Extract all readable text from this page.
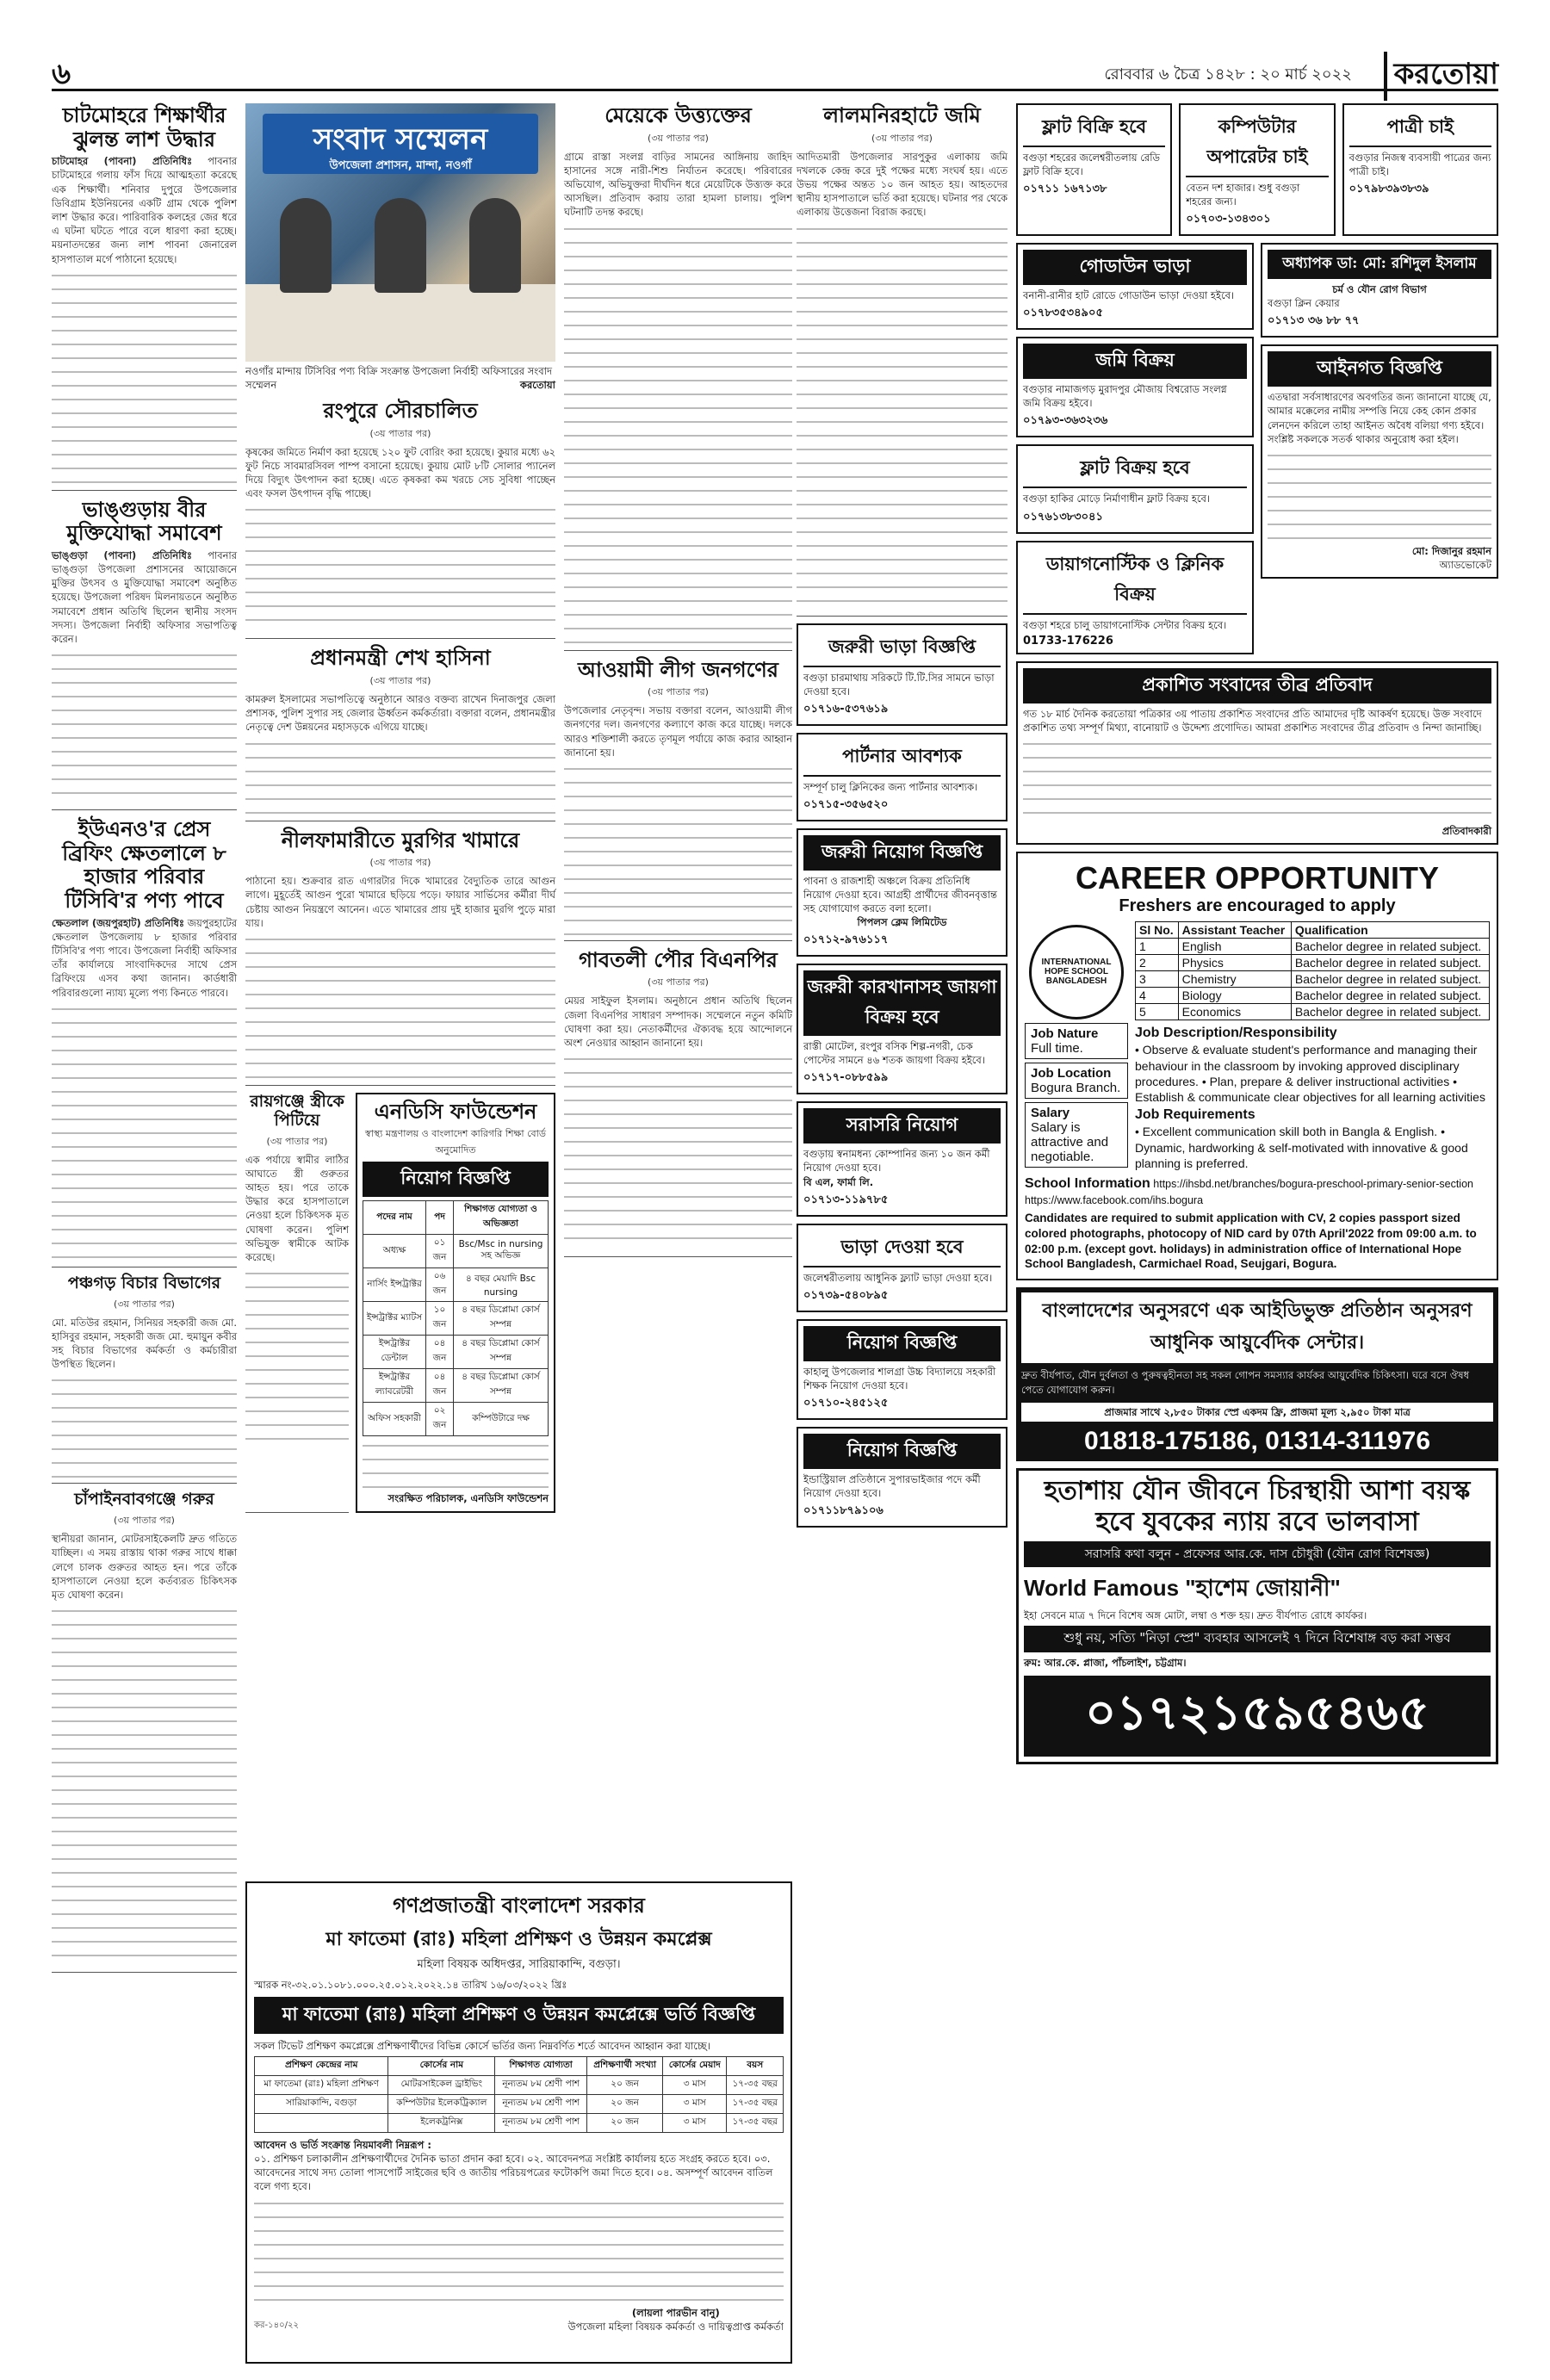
৬	রোববার ৬ চৈত্র ১৪২৮ : ২০ মার্চ ২০২২	করতোয়া
চাটমোহরে শিক্ষার্থীর ঝুলন্ত লাশ উদ্ধার
চাটমোহর (পাবনা) প্রতিনিধিঃ পাবনার চাটমোহরে গলায় ফাঁস দিয়ে আত্মহত্যা করেছে এক শিক্ষার্থী। শনিবার দুপুরে উপজেলার ডিবিগ্রাম ইউনিয়নের একটি গ্রাম থেকে পুলিশ লাশ উদ্ধার করে। পারিবারিক কলহের জের ধরে এ ঘটনা ঘটতে পারে বলে ধারণা করা হচ্ছে। ময়নাতদন্তের জন্য লাশ পাবনা জেনারেল হাসপাতাল মর্গে পাঠানো হয়েছে।
ভাঙ্গুড়ায় বীর মুক্তিযোদ্ধা সমাবেশ
ভাঙ্গুড়া (পাবনা) প্রতিনিধিঃ পাবনার ভাঙ্গুড়া উপজেলা প্রশাসনের আয়োজনে মুক্তির উৎসব ও মুক্তিযোদ্ধা সমাবেশ অনুষ্ঠিত হয়েছে। উপজেলা পরিষদ মিলনায়তনে অনুষ্ঠিত সমাবেশে প্রধান অতিথি ছিলেন স্থানীয় সংসদ সদস্য। উপজেলা নির্বাহী অফিসার সভাপতিত্ব করেন।
ইউএনও'র প্রেস ব্রিফিং ক্ষেতলালে ৮ হাজার পরিবার টিসিবি'র পণ্য পাবে
ক্ষেতলাল (জয়পুরহাট) প্রতিনিধিঃ জয়পুরহাটের ক্ষেতলাল উপজেলায় ৮ হাজার পরিবার টিসিবি'র পণ্য পাবে। উপজেলা নির্বাহী অফিসার তাঁর কার্যালয়ে সাংবাদিকদের সাথে প্রেস ব্রিফিংয়ে এসব কথা জানান। কার্ডধারী পরিবারগুলো ন্যায্য মূল্যে পণ্য কিনতে পারবে।
পঞ্চগড় বিচার বিভাগের
(৩য় পাতার পর)
মো. মতিউর রহমান, সিনিয়র সহকারী জজ মো. হাসিবুর রহমান, সহকারী জজ মো. হুমায়ুন কবীর সহ বিচার বিভাগের কর্মকর্তা ও কর্মচারীরা উপস্থিত ছিলেন।
চাঁপাইনবাবগঞ্জে গরুর
(৩য় পাতার পর)
স্থানীয়রা জানান, মোটরসাইকেলটি দ্রুত গতিতে যাচ্ছিল। এ সময় রাস্তায় থাকা গরুর সাথে ধাক্কা লেগে চালক গুরুতর আহত হন। পরে তাঁকে হাসপাতালে নেওয়া হলে কর্তব্যরত চিকিৎসক মৃত ঘোষণা করেন।
সংবাদ সম্মেলন
উপজেলা প্রশাসন, মান্দা, নওগাঁ
নওগাঁর মান্দায় টিসিবির পণ্য বিক্রি সংক্রান্ত উপজেলা নির্বাহী অফিসারের সংবাদ সম্মেলন	করতোয়া
রংপুরে সৌরচালিত
(৩য় পাতার পর)
কৃষকের জমিতে নির্মাণ করা হয়েছে ১২০ ফুট বোরিং করা হয়েছে। কুয়ার মধ্যে ৬২ ফুট নিচে সাবমারসিবল পাম্প বসানো হয়েছে। কুয়ায় মোট ৮টি সোলার প্যানেল দিয়ে বিদ্যুৎ উৎপাদন করা হচ্ছে। এতে কৃষকরা কম খরচে সেচ সুবিধা পাচ্ছেন এবং ফসল উৎপাদন বৃদ্ধি পাচ্ছে।
প্রধানমন্ত্রী শেখ হাসিনা
(৩য় পাতার পর)
কামরুল ইসলামের সভাপতিত্বে অনুষ্ঠানে আরও বক্তব্য রাখেন দিনাজপুর জেলা প্রশাসক, পুলিশ সুপার সহ জেলার ঊর্ধ্বতন কর্মকর্তারা। বক্তারা বলেন, প্রধানমন্ত্রীর নেতৃত্বে দেশ উন্নয়নের মহাসড়কে এগিয়ে যাচ্ছে।
নীলফামারীতে মুরগির খামারে
(৩য় পাতার পর)
পাঠানো হয়। শুক্রবার রাত এগারটার দিকে খামারের বৈদ্যুতিক তারে আগুন লাগে। মুহূর্তেই আগুন পুরো খামারে ছড়িয়ে পড়ে। ফায়ার সার্ভিসের কর্মীরা দীর্ঘ চেষ্টায় আগুন নিয়ন্ত্রণে আনেন। এতে খামারের প্রায় দুই হাজার মুরগি পুড়ে মারা যায়।
রায়গঞ্জে স্ত্রীকে পিটিয়ে
(৩য় পাতার পর)
এক পর্যায়ে স্বামীর লাঠির আঘাতে স্ত্রী গুরুতর আহত হয়। পরে তাকে উদ্ধার করে হাসপাতালে নেওয়া হলে চিকিৎসক মৃত ঘোষণা করেন। পুলিশ অভিযুক্ত স্বামীকে আটক করেছে।
এনডিসি ফাউন্ডেশন
স্বাস্থ্য মন্ত্রণালয় ও বাংলাদেশ কারিগরি শিক্ষা বোর্ড অনুমোদিত
নিয়োগ বিজ্ঞপ্তি
পদের নাম	পদ	শিক্ষাগত যোগ্যতা ও অভিজ্ঞতা
অধ্যক্ষ	০১ জন	Bsc/Msc in nursing সহ অভিজ্ঞ
নার্সিং ইন্সট্রাক্টর	০৬ জন	৪ বছর মেয়াদি Bsc nursing
ইন্সট্রাক্টর ম্যাটস	১০ জন	৪ বছর ডিপ্লোমা কোর্স সম্পন্ন
ইন্সট্রাক্টর ডেন্টাল	০৪ জন	৪ বছর ডিপ্লোমা কোর্স সম্পন্ন
ইন্সট্রাক্টর ল্যাবরেটরী	০৪ জন	৪ বছর ডিপ্লোমা কোর্স সম্পন্ন
অফিস সহকারী	০২ জন	কম্পিউটারে দক্ষ
সংরক্ষিত পরিচালক, এনডিসি ফাউন্ডেশন
মেয়েকে উত্ত্যক্তের
(৩য় পাতার পর)
গ্রামে রাস্তা সংলগ্ন বাড়ির সামনের আঙ্গিনায় জাহিদ হাসানের সঙ্গে নারী-শিশু নির্যাতন করেছে। পরিবারের অভিযোগ, অভিযুক্তরা দীর্ঘদিন ধরে মেয়েটিকে উত্ত্যক্ত করে আসছিল। প্রতিবাদ করায় তারা হামলা চালায়। পুলিশ ঘটনাটি তদন্ত করছে।
আওয়ামী লীগ জনগণের
(৩য় পাতার পর)
উপজেলার নেতৃবৃন্দ। সভায় বক্তারা বলেন, আওয়ামী লীগ জনগণের দল। জনগণের কল্যাণে কাজ করে যাচ্ছে। দলকে আরও শক্তিশালী করতে তৃণমূল পর্যায়ে কাজ করার আহ্বান জানানো হয়।
গাবতলী পৌর বিএনপির
(৩য় পাতার পর)
মেয়র সাইফুল ইসলাম। অনুষ্ঠানে প্রধান অতিথি ছিলেন জেলা বিএনপির সাধারণ সম্পাদক। সম্মেলনে নতুন কমিটি ঘোষণা করা হয়। নেতাকর্মীদের ঐক্যবদ্ধ হয়ে আন্দোলনে অংশ নেওয়ার আহ্বান জানানো হয়।
লালমনিরহাটে জমি
(৩য় পাতার পর)
আদিতমারী উপজেলার সারপুকুর এলাকায় জমি দখলকে কেন্দ্র করে দুই পক্ষের মধ্যে সংঘর্ষ হয়। এতে উভয় পক্ষের অন্তত ১০ জন আহত হয়। আহতদের স্থানীয় হাসপাতালে ভর্তি করা হয়েছে। ঘটনার পর থেকে এলাকায় উত্তেজনা বিরাজ করছে।
জরুরী ভাড়া বিজ্ঞপ্তি
বগুড়া চারমাথায় সরিকটে টি.টি.সির সামনে ভাড়া দেওয়া হবে।
০১৭১৬-৫৩৭৬১৯
পার্টনার আবশ্যক
সম্পূর্ণ চালু ক্লিনিকের জন্য পার্টনার আবশ্যক।
০১৭১৫-৩৫৬৫২০
জরুরী নিয়োগ বিজ্ঞপ্তি
পাবনা ও রাজশাহী অঞ্চলে বিক্রয় প্রতিনিধি নিয়োগ দেওয়া হবে। আগ্রহী প্রার্থীদের জীবনবৃত্তান্ত সহ যোগাযোগ করতে বলা হলো।
পিপলস ক্লেম লিমিটেড
০১৭১২-৯৭৬১১৭
জরুরী কারখানাসহ জায়গা বিক্রয় হবে
রাস্তী মোটেল, রংপুর বসিক শিল্প-নগরী, চেক পোস্টের সামনে ৪৬ শতক জায়গা বিক্রয় হইবে।
০১৭১৭-০৮৮৫৯৯
সরাসরি নিয়োগ
বগুড়ায় স্বনামধন্য কোম্পানির জন্য ১০ জন কর্মী নিয়োগ দেওয়া হবে।
বি এল, ফার্মা লি.
০১৭১৩-১১৯৭৮৫
ভাড়া দেওয়া হবে
জলেশ্বরীতলায় আধুনিক ফ্ল্যাট ভাড়া দেওয়া হবে।
০১৭৩৯-৫৪০৮৯৫
নিয়োগ বিজ্ঞপ্তি
কাহালু উপজেলার শালগ্রা উচ্চ বিদ্যালয়ে সহকারী শিক্ষক নিয়োগ দেওয়া হবে।
০১৭১০-২৪৫১২৫
নিয়োগ বিজ্ঞপ্তি
ইন্ডাস্ট্রিয়াল প্রতিষ্ঠানে সুপারভাইজার পদে কর্মী নিয়োগ দেওয়া হবে।
০১৭১১৮৭৯১০৬
ফ্লাট বিক্রি হবে
বগুড়া শহরের জলেশ্বরীতলায় রেডি ফ্লাট বিক্রি হবে।
০১৭১১ ১৬৭১৩৮
কম্পিউটার অপারেটর চাই
বেতন দশ হাজার। শুধু বগুড়া শহরের জন্য।
০১৭০৩-১৩৪৩০১
পাত্রী চাই
বগুড়ার নিজস্ব ব্যবসায়ী পাত্রের জন্য পাত্রী চাই।
০১৭৯৮৩৯৩৮৩৯
গোডাউন ভাড়া
বনানী-রানীর হাট রোডে গোডাউন ভাড়া দেওয়া হইবে।
০১৭৮৩৫৩৪৯০৫
জমি বিক্রয়
বগুড়ার নামাজগড় মুরাদপুর মৌজায় বিশ্বরোড সংলগ্ন জমি বিক্রয় হইবে।
০১৭৯৩-৩৬৩২৩৬
ফ্লাট বিক্রয় হবে
বগুড়া হাকির মোড়ে নির্মাণাধীন ফ্লাট বিক্রয় হবে।
০১৭৬১৩৮৩০৪১
ডায়াগনোস্টিক ও ক্লিনিক বিক্রয়
বগুড়া শহরে চালু ডায়াগনোস্টিক সেন্টার বিক্রয় হবে।
01733-176226
অধ্যাপক ডা: মো: রশিদুল ইসলাম
চর্ম ও যৌন রোগ বিভাগ
বগুড়া ক্লিন কেয়ার
০১৭১৩ ৩৬ ৮৮ ৭৭
আইনগত বিজ্ঞপ্তি
এতদ্বারা সর্বসাধারণের অবগতির জন্য জানানো যাচ্ছে যে, আমার মক্কেলের নামীয় সম্পত্তি নিয়ে কেহ কোন প্রকার লেনদেন করিলে তাহা আইনত অবৈধ বলিয়া গণ্য হইবে। সংশ্লিষ্ট সকলকে সতর্ক থাকার অনুরোধ করা হইল।
মো: দিজানুর রহমান
অ্যাডভোকেট
প্রকাশিত সংবাদের তীব্র প্রতিবাদ
গত ১৮ মার্চ দৈনিক করতোয়া পত্রিকার ৩য় পাতায় প্রকাশিত সংবাদের প্রতি আমাদের দৃষ্টি আকর্ষণ হয়েছে। উক্ত সংবাদে প্রকাশিত তথ্য সম্পূর্ণ মিথ্যা, বানোয়াট ও উদ্দেশ্য প্রণোদিত। আমরা প্রকাশিত সংবাদের তীব্র প্রতিবাদ ও নিন্দা জানাচ্ছি।
প্রতিবাদকারী
CAREER OPPORTUNITY
Freshers are encouraged to apply
INTERNATIONAL HOPE SCHOOL BANGLADESH
Job Nature
Full time.
Job Location
Bogura Branch.
Salary
Salary is attractive and negotiable.
Sl No.	Assistant Teacher	Qualification
1	English	Bachelor degree in related subject.
2	Physics	Bachelor degree in related subject.
3	Chemistry	Bachelor degree in related subject.
4	Biology	Bachelor degree in related subject.
5	Economics	Bachelor degree in related subject.
Job Description/Responsibility
• Observe & evaluate student's performance and managing their behaviour in the classroom by invoking approved disciplinary procedures. • Plan, prepare & deliver instructional activities • Establish & communicate clear objectives for all learning activities
Job Requirements
• Excellent communication skill both in Bangla & English. • Dynamic, hardworking & self-motivated with innovative & good planning is preferred.
School Information https://ihsbd.net/branches/bogura-preschool-primary-senior-section https://www.facebook.com/ihs.bogura
Candidates are required to submit application with CV, 2 copies passport sized colored photographs, photocopy of NID card by 07th April'2022 from 09:00 a.m. to 02:00 p.m. (except govt. holidays) in administration office of International Hope School Bangladesh, Carmichael Road, Seujgari, Bogura.
বাংলাদেশের অনুসরণে এক আইডিভুক্ত প্রতিষ্ঠান অনুসরণ আধুনিক আয়ুর্বেদিক সেন্টার।
দ্রুত বীর্যপাত, যৌন দুর্বলতা ও পুরুষত্বহীনতা সহ সকল গোপন সমস্যার কার্যকর আয়ুর্বেদিক চিকিৎসা। ঘরে বসে ঔষধ পেতে যোগাযোগ করুন।
প্রাজমার সাথে ২,৮৫০ টাকার স্প্রে একদম ফ্রি, প্রাজমা মূল্য ২,৯৫০ টাকা মাত্র
01818-175186, 01314-311976
হতাশায় যৌন জীবনে চিরস্থায়ী আশা বয়স্ক হবে যুবকের ন্যায় রবে ভালবাসা
সরাসরি কথা বলুন - প্রফেসর আর.কে. দাস চৌধুরী (যৌন রোগ বিশেষজ্ঞ)
World Famous "হাশেম জোয়ানী"
ইহা সেবনে মাত্র ৭ দিনে বিশেষ অঙ্গ মোটা, লম্বা ও শক্ত হয়। দ্রুত বীর্যপাত রোধে কার্যকর।
শুধু নয়, সত্যি "নিড়া স্প্রে" ব্যবহার আসলেই ৭ দিনে বিশেষাঙ্গ বড় করা সম্ভব
রুম: আর.কে. প্লাজা, পাঁচলাইশ, চট্টগ্রাম।
০১৭২১৫৯৫৪৬৫
গণপ্রজাতন্ত্রী বাংলাদেশ সরকার
মা ফাতেমা (রাঃ) মহিলা প্রশিক্ষণ ও উন্নয়ন কমপ্লেক্স
মহিলা বিষয়ক অধিদপ্তর, সারিয়াকান্দি, বগুড়া।
স্মারক নং-৩২.০১.১০৮১.০০০.২৫.০১২.২০২২.১৪ তারিখ ১৬/০৩/২০২২ খ্রিঃ
মা ফাতেমা (রাঃ) মহিলা প্রশিক্ষণ ও উন্নয়ন কমপ্লেক্সে ভর্তি বিজ্ঞপ্তি
সকল টিভেট প্রশিক্ষণ কমপ্লেক্সে প্রশিক্ষণার্থীদের বিভিন্ন কোর্সে ভর্তির জন্য নিম্নবর্ণিত শর্তে আবেদন আহ্বান করা যাচ্ছে।
প্রশিক্ষণ কেন্দ্রের নাম	কোর্সের নাম	শিক্ষাগত যোগ্যতা	প্রশিক্ষণার্থী সংখ্যা	কোর্সের মেয়াদ	বয়স
মা ফাতেমা (রাঃ) মহিলা প্রশিক্ষণ	মোটরসাইকেল ড্রাইভিং	নূন্যতম ৮ম শ্রেণী পাশ	২০ জন	৩ মাস	১৭-৩৫ বছর
সারিয়াকান্দি, বগুড়া	কম্পিউটার ইলেকট্রিক্যাল	নূন্যতম ৮ম শ্রেণী পাশ	২০ জন	৩ মাস	১৭-৩৫ বছর
	ইলেকট্রনিক্স	নূন্যতম ৮ম শ্রেণী পাশ	২০ জন	৩ মাস	১৭-৩৫ বছর
আবেদন ও ভর্তি সংক্রান্ত নিয়মাবলী নিম্নরূপ :
০১. প্রশিক্ষণ চলাকালীন প্রশিক্ষণার্থীদের দৈনিক ভাতা প্রদান করা হবে। ০২. আবেদনপত্র সংশ্লিষ্ট কার্যালয় হতে সংগ্রহ করতে হবে। ০৩. আবেদনের সাথে সদ্য তোলা পাসপোর্ট সাইজের ছবি ও জাতীয় পরিচয়পত্রের ফটোকপি জমা দিতে হবে। ০৪. অসম্পূর্ণ আবেদন বাতিল বলে গণ্য হবে।
কর-১৪০/২২
(লায়লা পারভীন বানু)
উপজেলা মহিলা বিষয়ক কর্মকর্তা ও দায়িত্বপ্রাপ্ত কর্মকর্তা
